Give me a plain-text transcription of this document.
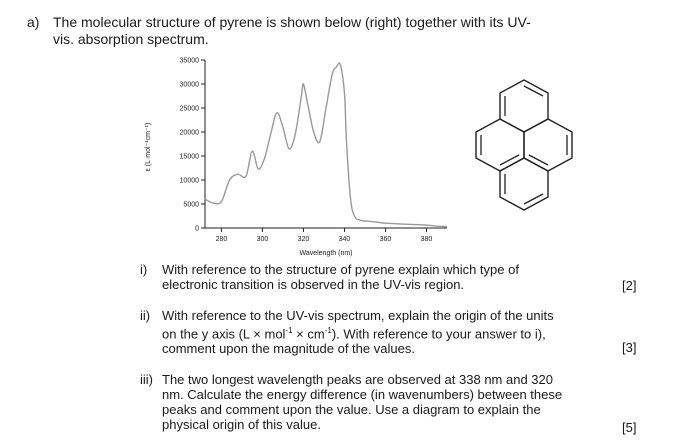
a) The molecular structure of pyrene is shown below (right) together with its UV-
vis. absorption spectrum.
0
5000
10000
15000
20000
25000
30000
35000
280	300	320	340	360	380
ε (L·mol⁻¹cm⁻¹)
Wavelength (nm)
i) With reference to the structure of pyrene explain which type of
electronic transition is observed in the UV-vis region.	[2]
ii) With reference to the UV-vis spectrum, explain the origin of the units
on the y axis $(L \times mol^{-1} \times cm^{-1})$. With reference to your answer to i),
comment upon the magnitude of the values.	[3]
iii) The two longest wavelength peaks are observed at 338 nm and 320
nm. Calculate the energy difference (in wavenumbers) between these
peaks and comment upon the value. Use a diagram to explain the
physical origin of this value.	[5]
